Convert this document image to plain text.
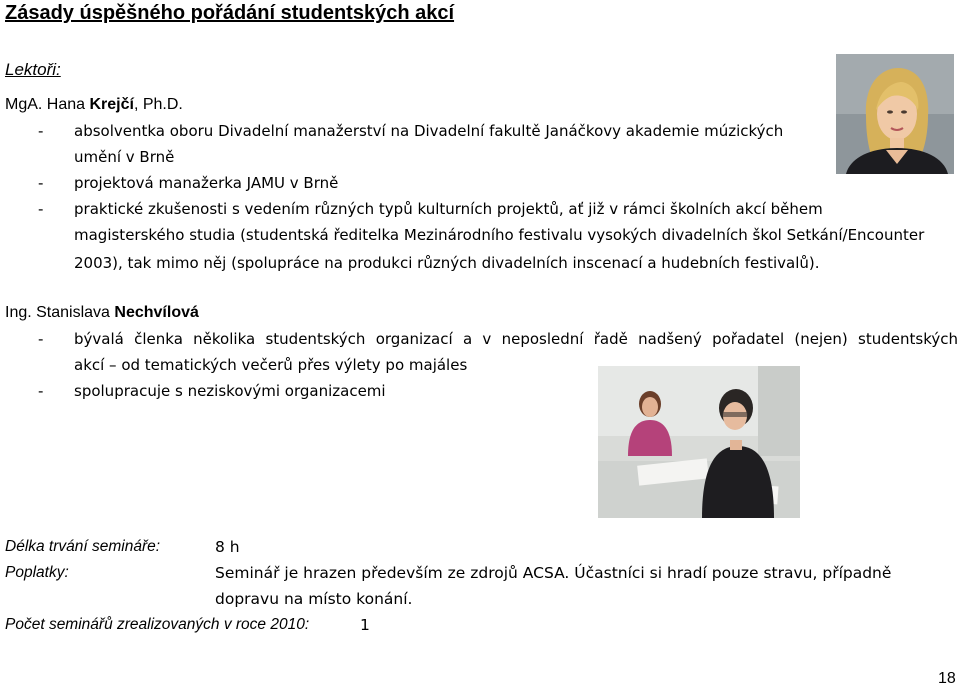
Zásady úspěšného pořádání studentských akcí
Lektoři:
MgA. Hana Krejčí, Ph.D.
- absolventka oboru Divadelní manažerství na Divadelní fakultě Janáčkovy akademie múzických
umění v Brně
- projektová manažerka JAMU v Brně
- praktické zkušenosti s vedením různých typů kulturních projektů, ať již v rámci školních akcí během
magisterského studia (studentská ředitelka Mezinárodního festivalu vysokých divadelních škol Setkání/Encounter
2003), tak mimo něj (spolupráce na produkci různých divadelních inscenací a hudebních festivalů).
Ing. Stanislava Nechvílová
- bývalá členka několika studentských organizací a v neposlední řadě nadšený pořadatel (nejen) studentských
akcí – od tematických večerů přes výlety po majáles
- spolupracuje s neziskovými organizacemi
Délka trvání semináře:	8 h
Poplatky:	Seminář je hrazen především ze zdrojů ACSA. Účastníci si hradí pouze stravu, případně
dopravu na místo konání.
Počet seminářů zrealizovaných v roce 2010:	1
18
